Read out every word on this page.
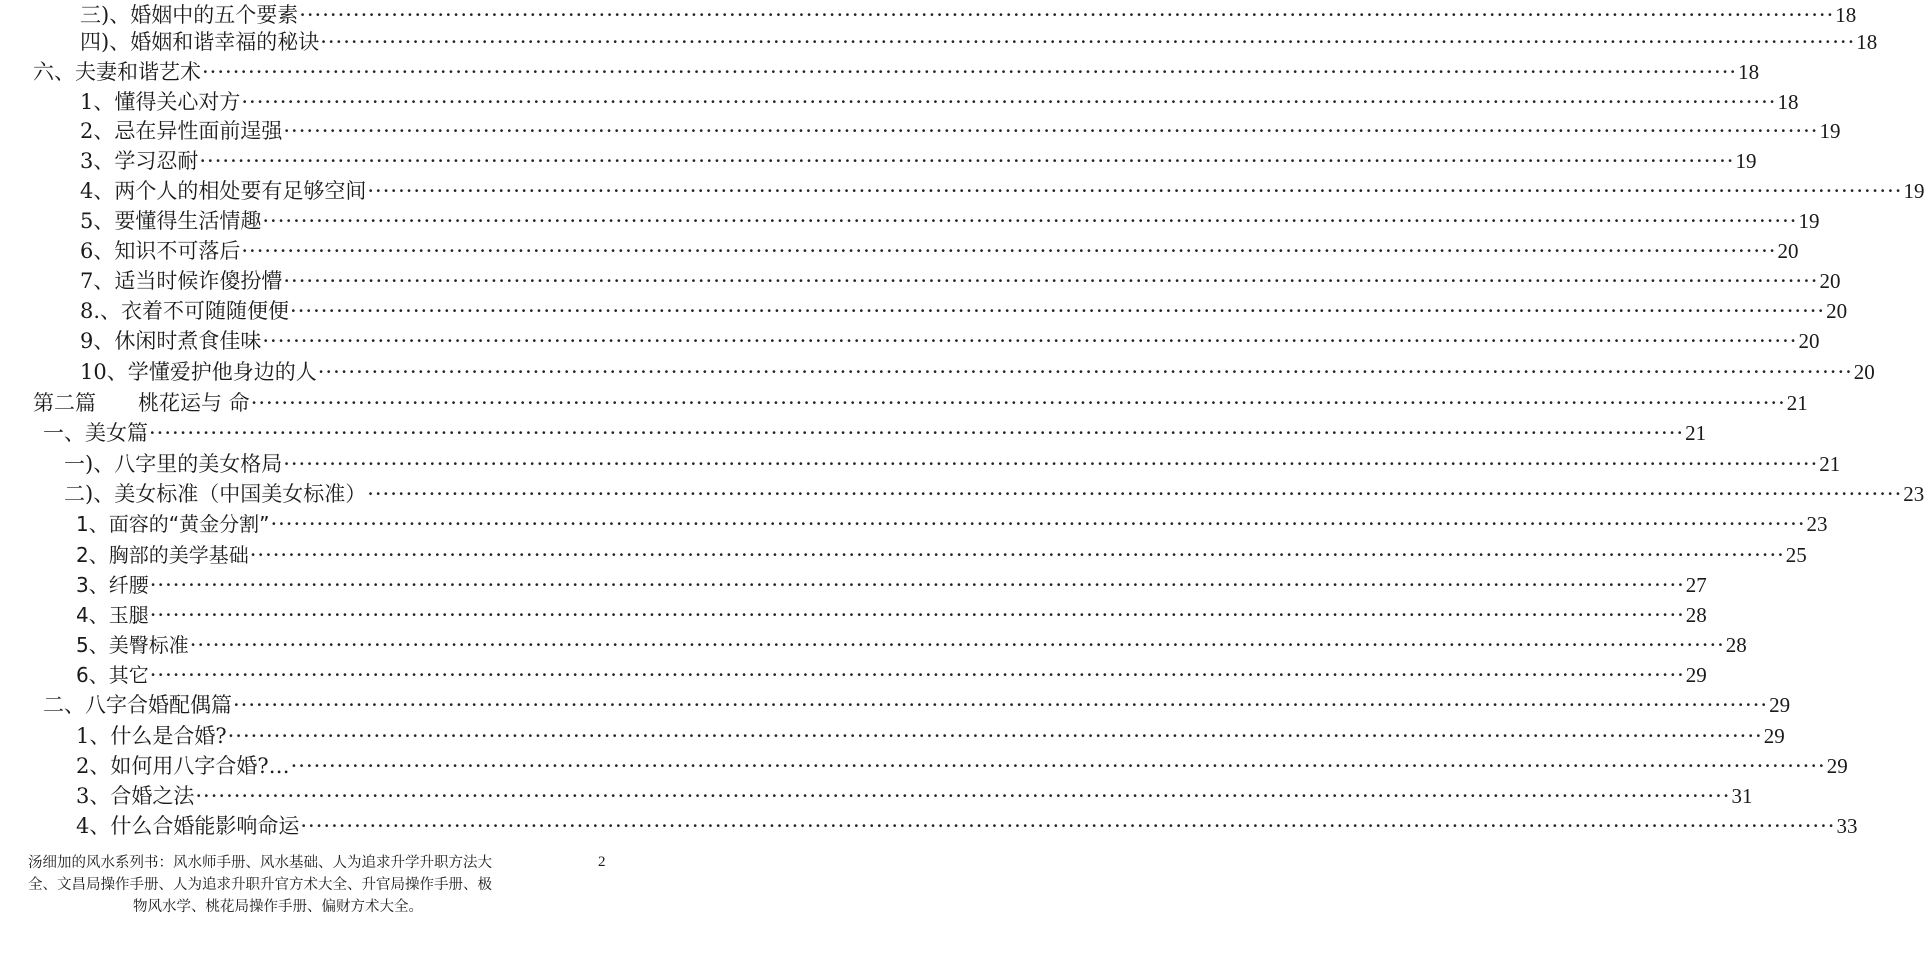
三)、婚姻中的五个要素 ········································································································································································································ 18
四)、婚姻和谐幸福的秘诀 ········································································································································································································ 18
六、夫妻和谐艺术 ········································································································································································································ 18
1、懂得关心对方 ········································································································································································································ 18
2、忌在异性面前逞强 ········································································································································································································ 19
3、学习忍耐 ········································································································································································································ 19
4、两个人的相处要有足够空间 ········································································································································································································ 19
5、要懂得生活情趣 ········································································································································································································ 19
6、知识不可落后 ········································································································································································································ 20
7、适当时候诈傻扮懵 ········································································································································································································ 20
8.、衣着不可随随便便 ········································································································································································································ 20
9、休闲时煮食佳味 ········································································································································································································ 20
10、学懂爱护他身边的人 ········································································································································································································ 20
第二篇　　桃花运与 命 ········································································································································································································ 21
一、美女篇 ········································································································································································································ 21
一)、八字里的美女格局 ········································································································································································································ 21
二)、美女标准（中国美女标准） ········································································································································································································ 23
1、面容的“黄金分割” ········································································································································································································ 23
2、胸部的美学基础 ········································································································································································································ 25
3、纤腰 ········································································································································································································ 27
4、玉腿 ········································································································································································································ 28
5、美臀标准 ········································································································································································································ 28
6、其它 ········································································································································································································ 29
二、八字合婚配偶篇 ········································································································································································································ 29
1、什么是合婚? ········································································································································································································ 29
2、如何用八字合婚?… ········································································································································································································ 29
3、合婚之法 ········································································································································································································ 31
4、什么合婚能影响命运 ········································································································································································································ 33
汤细加的风水系列书：风水师手册、风水基础、人为追求升学升职方法大
全、文昌局操作手册、人为追求升职升官方术大全、升官局操作手册、极
物风水学、桃花局操作手册、偏财方术大全。
2
